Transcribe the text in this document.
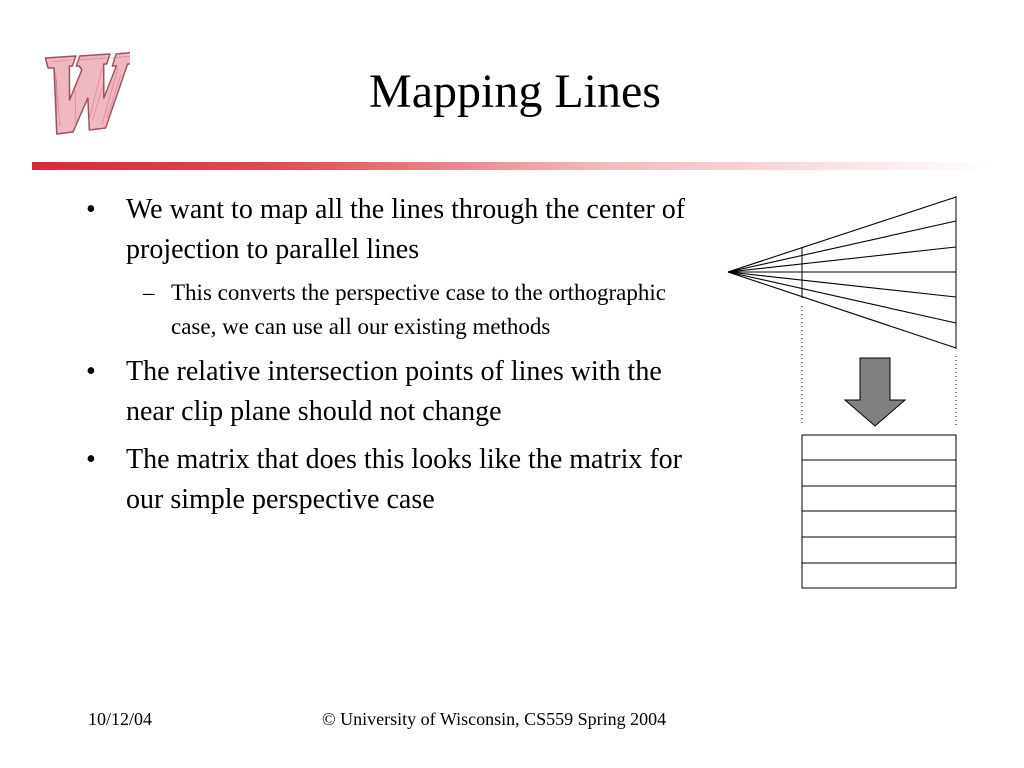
Mapping Lines
• We want to map all the lines through the center of projection to parallel lines
– This converts the perspective case to the orthographic case, we can use all our existing methods
• The relative intersection points of lines with the near clip plane should not change
• The matrix that does this looks like the matrix for our simple perspective case
10/12/04	© University of Wisconsin, CS559 Spring 2004
